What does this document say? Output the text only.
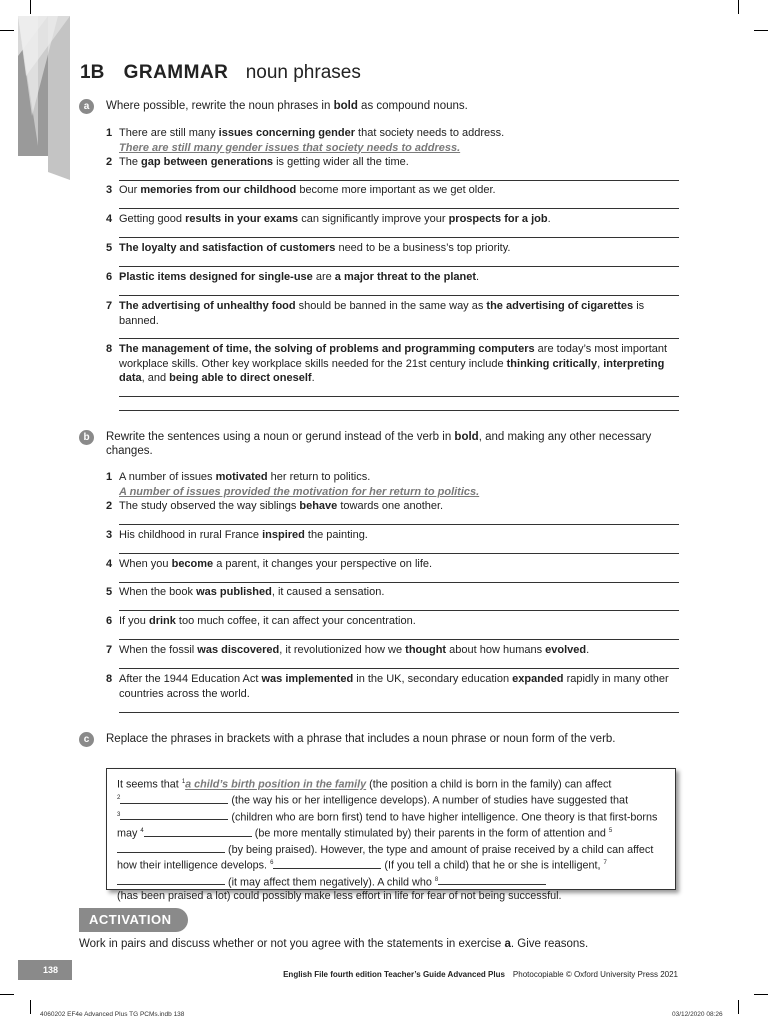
1B GRAMMAR noun phrases
a	Where possible, rewrite the noun phrases in bold as compound nouns.
1 There are still many issues concerning gender that society needs to address.
There are still many gender issues that society needs to address.
2 The gap between generations is getting wider all the time.
3 Our memories from our childhood become more important as we get older.
4 Getting good results in your exams can significantly improve your prospects for a job.
5 The loyalty and satisfaction of customers need to be a business’s top priority.
6 Plastic items designed for single-use are a major threat to the planet.
7 The advertising of unhealthy food should be banned in the same way as the advertising of cigarettes is banned.
8 The management of time, the solving of problems and programming computers are today’s most important workplace skills. Other key workplace skills needed for the 21st century include thinking critically, interpreting data, and being able to direct oneself.
b	Rewrite the sentences using a noun or gerund instead of the verb in bold, and making any other necessary changes.
1 A number of issues motivated her return to politics.
A number of issues provided the motivation for her return to politics.
2 The study observed the way siblings behave towards one another.
3 His childhood in rural France inspired the painting.
4 When you become a parent, it changes your perspective on life.
5 When the book was published, it caused a sensation.
6 If you drink too much coffee, it can affect your concentration.
7 When the fossil was discovered, it revolutionized how we thought about how humans evolved.
8 After the 1944 Education Act was implemented in the UK, secondary education expanded rapidly in many other countries across the world.
c	Replace the phrases in brackets with a phrase that includes a noun phrase or noun form of the verb.
It seems that $^1$a child’s birth position in the family (the position a child is born in the family) can affect
$^2$	(the way his or her intelligence develops). A number of studies have suggested that
$^3$	(children who are born first) tend to have higher intelligence. One theory is that first-borns may $^4$	(be more mentally stimulated by) their parents in the form of attention and $^5$ (by being praised). However, the type and amount of praise received by a child can affect how their intelligence develops. $^6$	(If you tell a child) that he or she is intelligent, $^7$ (it may affect them negatively). A child who $^8$
(has been praised a lot) could possibly make less effort in life for fear of not being successful.
ACTIVATION
Work in pairs and discuss whether or not you agree with the statements in exercise a. Give reasons.
138	English File fourth edition Teacher’s Guide Advanced Plus Photocopiable © Oxford University Press 2021
4060202 EF4e Advanced Plus TG PCMs.indb 138	03/12/2020 08:26
